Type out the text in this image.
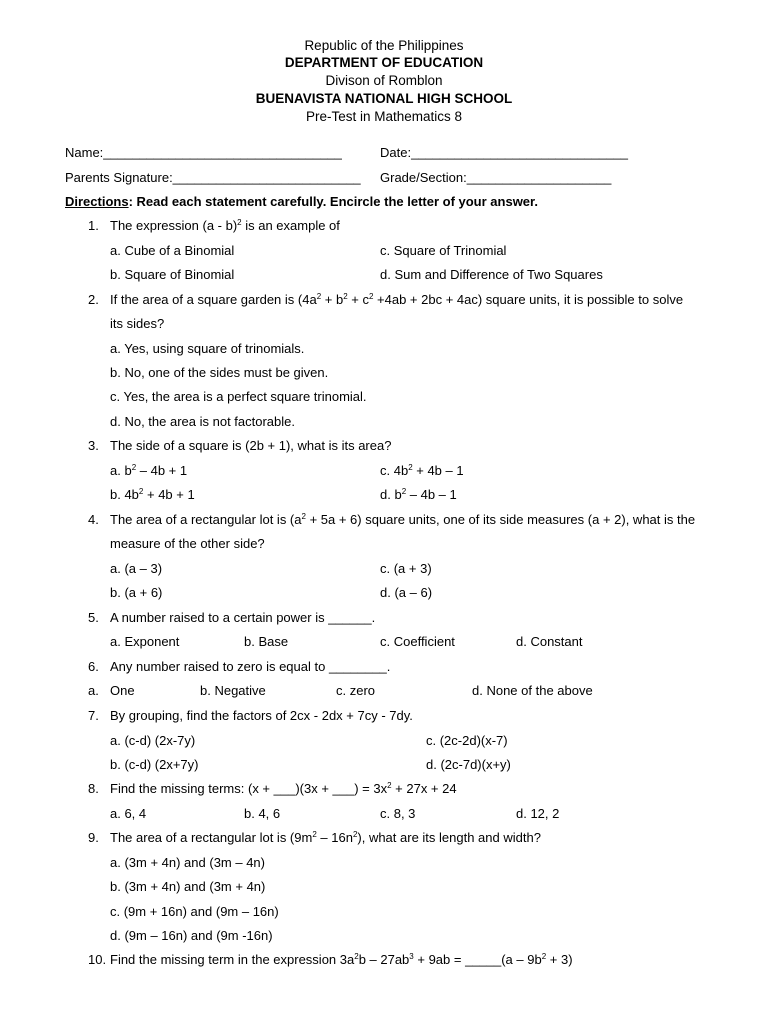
Republic of the Philippines
DEPARTMENT OF EDUCATION
Divison of Romblon
BUENAVISTA NATIONAL HIGH SCHOOL
Pre-Test in Mathematics 8
Name:_________________________________	Date:______________________________
Parents Signature:__________________________ Grade/Section:____________________
Directions: Read each statement carefully. Encircle the letter of your answer.
1. The expression (a - b)$^2$ is an example of
a. Cube of a Binomial	c. Square of Trinomial
b. Square of Binomial	d. Sum and Difference of Two Squares
2. If the area of a square garden is $(4a^2 + b^2 + c^2 +4ab + 2bc + 4ac)$ square units, it is possible to solve
its sides?
a. Yes, using square of trinomials.
b. No, one of the sides must be given.
c. Yes, the area is a perfect square trinomial.
d. No, the area is not factorable.
3. The side of a square is (2b + 1), what is its area?
a. $b^2 - 4b + 1$	c. $4b^2 + 4b - 1$
b. $4b^2 + 4b + 1$	d. $b^2 - 4b - 1$
4. The area of a rectangular lot is $(a^2 + 5a + 6)$ square units, one of its side measures (a + 2), what is the
measure of the other side?
a. (a – 3)	c. (a + 3)
b. (a + 6)	d. (a – 6)
5. A number raised to a certain power is ______.
a. Exponent	b. Base	c. Coefficient	d. Constant
6. Any number raised to zero is equal to ________.
a. One	b. Negative	c. zero	d. None of the above
7. By grouping, find the factors of 2cx - 2dx + 7cy - 7dy.
a. (c-d) (2x-7y)	c. (2c-2d)(x-7)
b. (c-d) (2x+7y)	d. (2c-7d)(x+y)
8. Find the missing terms: (x + ___)(3x + ___) = $3x^2 + 27x + 24$
a. 6, 4	b. 4, 6	c. 8, 3	d. 12, 2
9. The area of a rectangular lot is $(9m^2 - 16n^2)$, what are its length and width?
a. (3m + 4n) and (3m – 4n)
b. (3m + 4n) and (3m + 4n)
c. (9m + 16n) and (9m – 16n)
d. (9m – 16n) and (9m -16n)
10. Find the missing term in the expression $3a^2b - 27ab^3 + 9ab$ = _____(a – $9b^2 + 3$)
